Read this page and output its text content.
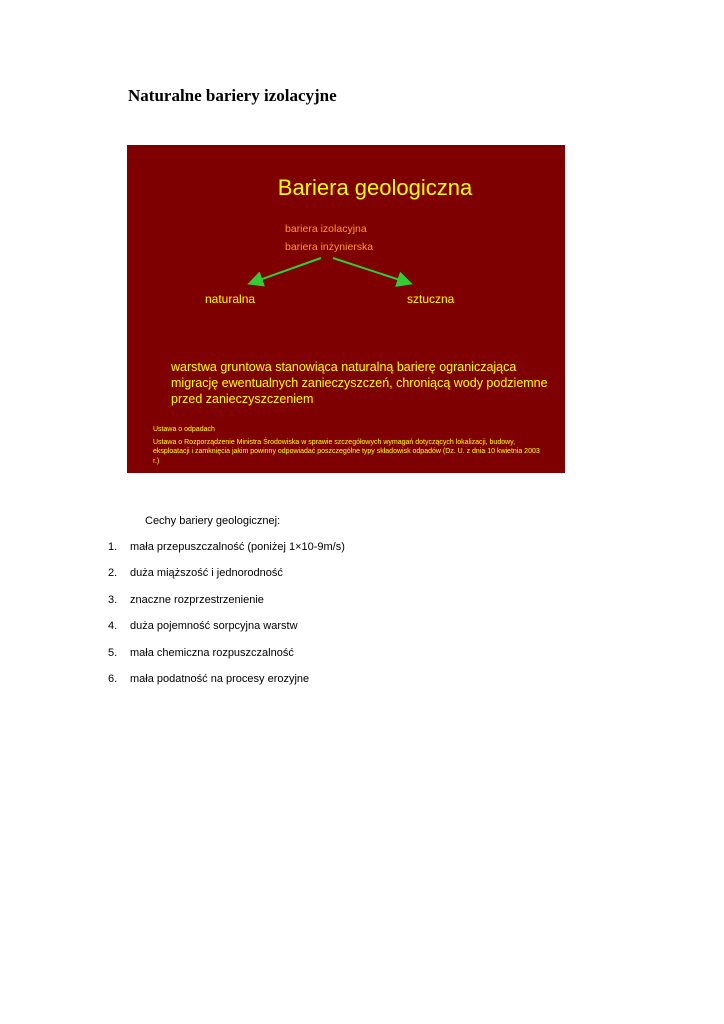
Naturalne bariery izolacyjne
Bariera geologiczna
bariera izolacyjna
bariera inżynierska
naturalna	sztuczna
warstwa gruntowa stanowiąca naturalną barierę ograniczająca migrację ewentualnych zanieczyszczeń, chroniącą wody podziemne przed zanieczyszczeniem

Ustawa o odpadach

Ustawa o Rozporządzenie Ministra Środowiska w sprawie szczegółowych wymagań dotyczących lokalizacji, budowy, eksploatacji i zamknięcia jakim powinny odpowiadać poszczególne typy składowisk odpadów (Dz. U. z dnia 10 kwietnia 2003 r.)

Cechy bariery geologicznej:
1. mała przepuszczalność (poniżej 1×10-9m/s)
2. duża miąższość i jednorodność
3. znaczne rozprzestrzenienie
4. duża pojemność sorpcyjna warstw
5. mała chemiczna rozpuszczalność
6. mała podatność na procesy erozyjne
